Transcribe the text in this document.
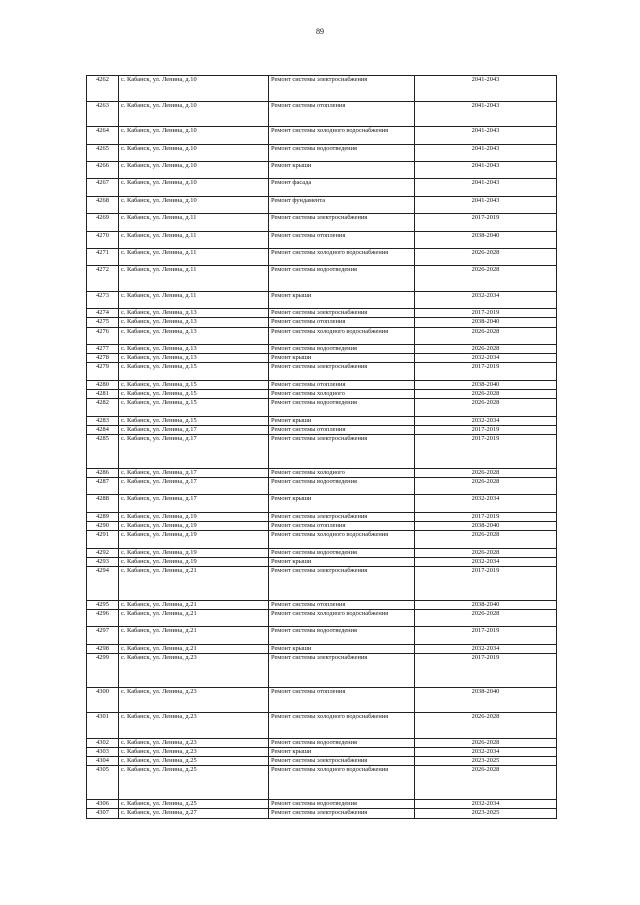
89
4262	с. Кабанск, ул. Ленина, д.10	Ремонт системы электроснабжения	2041-2043
4263	с. Кабанск, ул. Ленина, д.10	Ремонт системы отопления	2041-2043
4264	с. Кабанск, ул. Ленина, д.10	Ремонт системы холодного водоснабжения	2041-2043
4265	с. Кабанск, ул. Ленина, д.10	Ремонт системы водоотведения	2041-2043
4266	с. Кабанск, ул. Ленина, д.10	Ремонт крыши	2041-2043
4267	с. Кабанск, ул. Ленина, д.10	Ремонт фасада	2041-2043
4268	с. Кабанск, ул. Ленина, д.10	Ремонт фундамента	2041-2043
4269	с. Кабанск, ул. Ленина, д.11	Ремонт системы электроснабжения	2017-2019
4270	с. Кабанск, ул. Ленина, д.11	Ремонт системы отопления	2038-2040
4271	с. Кабанск, ул. Ленина, д.11	Ремонт системы холодного водоснабжения	2026-2028
4272	с. Кабанск, ул. Ленина, д.11	Ремонт системы водоотведения	2026-2028
4273	с. Кабанск, ул. Ленина, д.11	Ремонт крыши	2032-2034
4274	с. Кабанск, ул. Ленина, д.13	Ремонт системы электроснабжения	2017-2019
4275	с. Кабанск, ул. Ленина, д.13	Ремонт системы отопления	2038-2040
4276	с. Кабанск, ул. Ленина, д.13	Ремонт системы холодного водоснабжения	2026-2028
4277	с. Кабанск, ул. Ленина, д.13	Ремонт системы водоотведения	2026-2028
4278	с. Кабанск, ул. Ленина, д.13	Ремонт крыши	2032-2034
4279	с. Кабанск, ул. Ленина, д.15	Ремонт системы электроснабжения	2017-2019
4280	с. Кабанск, ул. Ленина, д.15	Ремонт системы отопления	2038-2040
4281	с. Кабанск, ул. Ленина, д.15	Ремонт системы холодного	2026-2028
4282	с. Кабанск, ул. Ленина, д.15	Ремонт системы водоотведения	2026-2028
4283	с. Кабанск, ул. Ленина, д.15	Ремонт крыши	2032-2034
4284	с. Кабанск, ул. Ленина, д.17	Ремонт системы отопления	2017-2019
4285	с. Кабанск, ул. Ленина, д.17	Ремонт системы электроснабжения	2017-2019
4286	с. Кабанск, ул. Ленина, д.17	Ремонт системы холодного	2026-2028
4287	с. Кабанск, ул. Ленина, д.17	Ремонт системы водоотведения	2026-2028
4288	с. Кабанск, ул. Ленина, д.17	Ремонт крыши	2032-2034
4289	с. Кабанск, ул. Ленина, д.19	Ремонт системы электроснабжения	2017-2019
4290	с. Кабанск, ул. Ленина, д.19	Ремонт системы отопления	2038-2040
4291	с. Кабанск, ул. Ленина, д.19	Ремонт системы холодного водоснабжения	2026-2028
4292	с. Кабанск, ул. Ленина, д.19	Ремонт системы водоотведения	2026-2028
4293	с. Кабанск, ул. Ленина, д.19	Ремонт крыши	2032-2034
4294	с. Кабанск, ул. Ленина, д.21	Ремонт системы электроснабжения	2017-2019
4295	с. Кабанск, ул. Ленина, д.21	Ремонт системы отопления	2038-2040
4296	с. Кабанск, ул. Ленина, д.21	Ремонт системы холодного водоснабжения	2026-2028
4297	с. Кабанск, ул. Ленина, д.21	Ремонт системы водоотведения	2017-2019
4298	с. Кабанск, ул. Ленина, д.21	Ремонт крыши	2032-2034
4299	с. Кабанск, ул. Ленина, д.23	Ремонт системы электроснабжения	2017-2019
4300	с. Кабанск, ул. Ленина, д.23	Ремонт системы отопления	2038-2040
4301	с. Кабанск, ул. Ленина, д.23	Ремонт системы холодного водоснабжения	2026-2028
4302	с. Кабанск, ул. Ленина, д.23	Ремонт системы водоотведения	2026-2028
4303	с. Кабанск, ул. Ленина, д.23	Ремонт крыши	2032-2034
4304	с. Кабанск, ул. Ленина, д.25	Ремонт системы электроснабжения	2023-2025
4305	с. Кабанск, ул. Ленина, д.25	Ремонт системы холодного водоснабжения	2026-2028
4306	с. Кабанск, ул. Ленина, д.25	Ремонт системы водоотведения	2032-2034
4307	с. Кабанск, ул. Ленина, д.27	Ремонт системы электроснабжения	2023-2025
